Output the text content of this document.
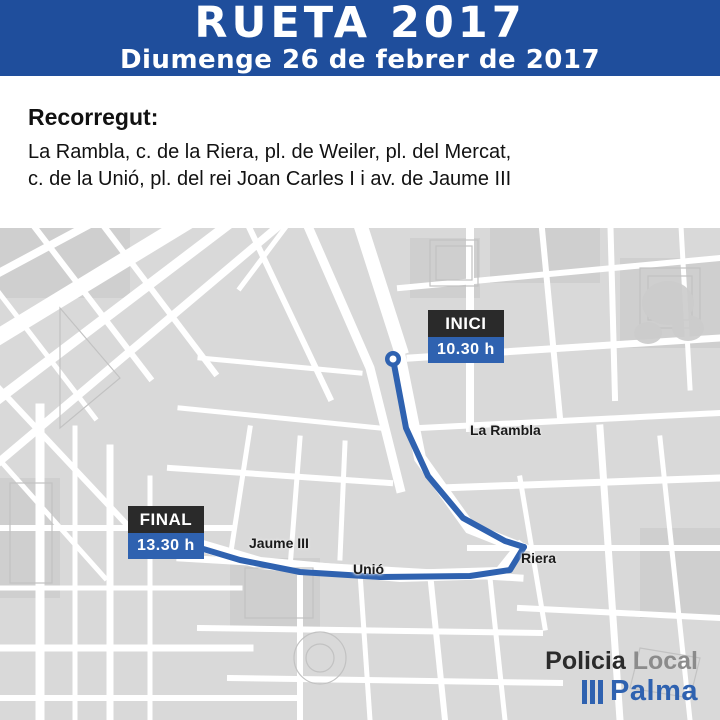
RUETA 2017
Diumenge 26 de febrer de 2017
Recorregut:
La Rambla, c. de la Riera, pl. de Weiler, pl. del Mercat,
c. de la Unió, pl. del rei Joan Carles I i av. de Jaume III
INICI
10.30 h
FINAL
13.30 h
La Rambla
Riera
Unió
Jaume III
Policia Local
Palma
